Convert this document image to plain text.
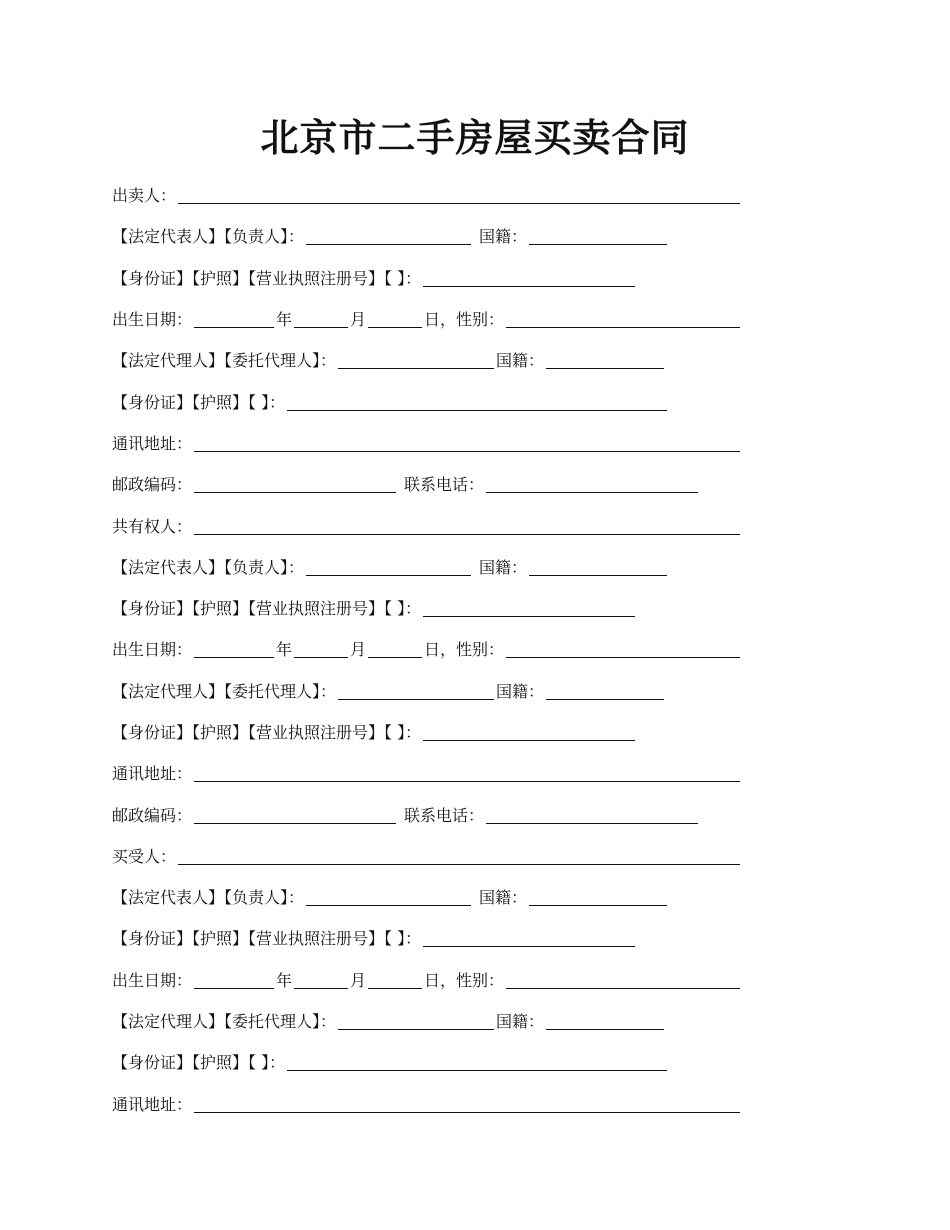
北京市二手房屋买卖合同
出卖人：
【法定代表人】【负责人】：	国籍：
【身份证】【护照】【营业执照注册号】【 】：
出生日期：	年	月	日，性别：
【法定代理人】【委托代理人】：	国籍：
【身份证】【护照】【 】：
通讯地址：
邮政编码：	联系电话：
共有权人：
【法定代表人】【负责人】：	国籍：
【身份证】【护照】【营业执照注册号】【 】：
出生日期：	年	月	日，性别：
【法定代理人】【委托代理人】：	国籍：
【身份证】【护照】【营业执照注册号】【 】：
通讯地址：
邮政编码：	联系电话：
买受人：
【法定代表人】【负责人】：	国籍：
【身份证】【护照】【营业执照注册号】【 】：
出生日期：	年	月	日，性别：
【法定代理人】【委托代理人】：	国籍：
【身份证】【护照】【 】：
通讯地址：
